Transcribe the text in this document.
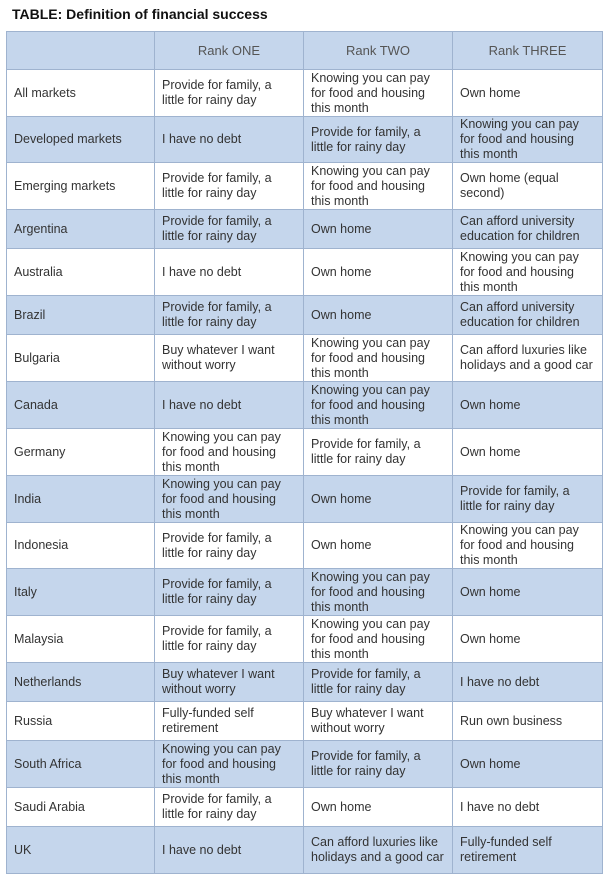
TABLE: Definition of financial success
	Rank ONE	Rank TWO	Rank THREE
All markets	Provide for family, a little for rainy day	Knowing you can pay for food and housing this month	Own home
Developed markets	I have no debt	Provide for family, a little for rainy day	Knowing you can pay for food and housing this month
Emerging markets	Provide for family, a little for rainy day	Knowing you can pay for food and housing this month	Own home (equal second)
Argentina	Provide for family, a little for rainy day	Own home	Can afford university education for children
Australia	I have no debt	Own home	Knowing you can pay for food and housing this month
Brazil	Provide for family, a little for rainy day	Own home	Can afford university education for children
Bulgaria	Buy whatever I want without worry	Knowing you can pay for food and housing this month	Can afford luxuries like holidays and a good car
Canada	I have no debt	Knowing you can pay for food and housing this month	Own home
Germany	Knowing you can pay for food and housing this month	Provide for family, a little for rainy day	Own home
India	Knowing you can pay for food and housing this month	Own home	Provide for family, a little for rainy day
Indonesia	Provide for family, a little for rainy day	Own home	Knowing you can pay for food and housing this month
Italy	Provide for family, a little for rainy day	Knowing you can pay for food and housing this month	Own home
Malaysia	Provide for family, a little for rainy day	Knowing you can pay for food and housing this month	Own home
Netherlands	Buy whatever I want without worry	Provide for family, a little for rainy day	I have no debt
Russia	Fully-funded self retirement	Buy whatever I want without worry	Run own business
South Africa	Knowing you can pay for food and housing this month	Provide for family, a little for rainy day	Own home
Saudi Arabia	Provide for family, a little for rainy day	Own home	I have no debt
UK	I have no debt	Can afford luxuries like holidays and a good car	Fully-funded self retirement
